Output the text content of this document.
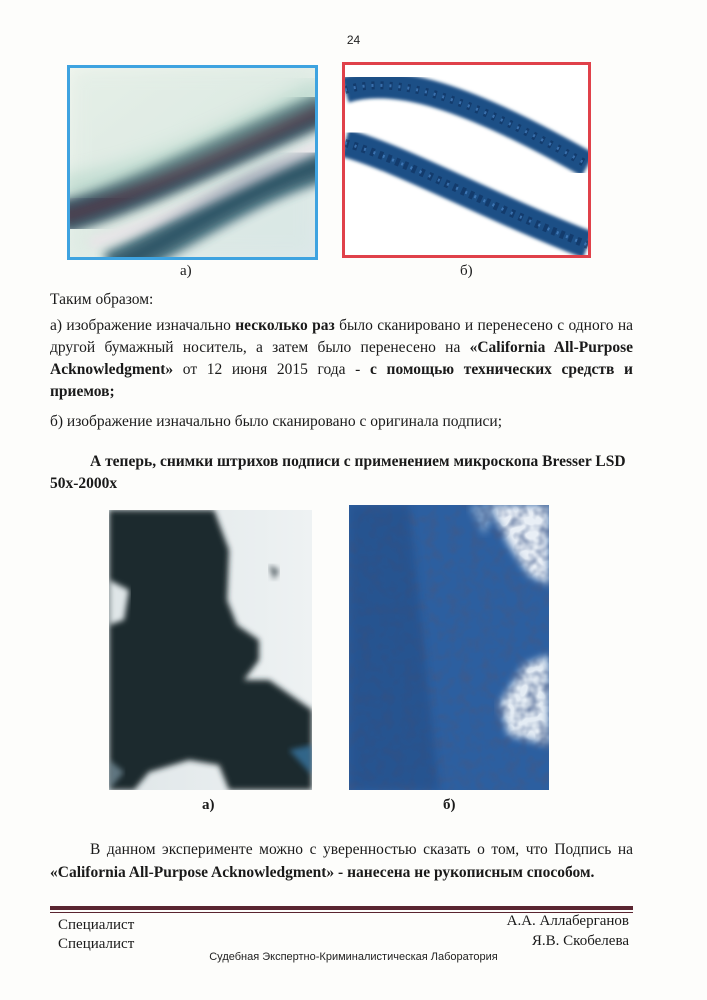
24
а)	б)
Таким образом:
а) изображение изначально несколько раз было сканировано и перенесено с одного на другой бумажный носитель, а затем было перенесено на «California All-Purpose Acknowledgment» от 12 июня 2015 года - с помощью технических средств и приемов;
б) изображение изначально было сканировано с оригинала подписи;
А теперь, снимки штрихов подписи с применением микроскопа Bresser LSD 50x-2000x
а)	б)
В данном эксперименте можно с уверенностью сказать о том, что Подпись на «California All-Purpose Acknowledgment» - нанесена не рукописным способом.
Специалист	А.А. Аллаберганов
Специалист	Я.В. Скобелева
Судебная Экспертно-Криминалистическая Лаборатория
